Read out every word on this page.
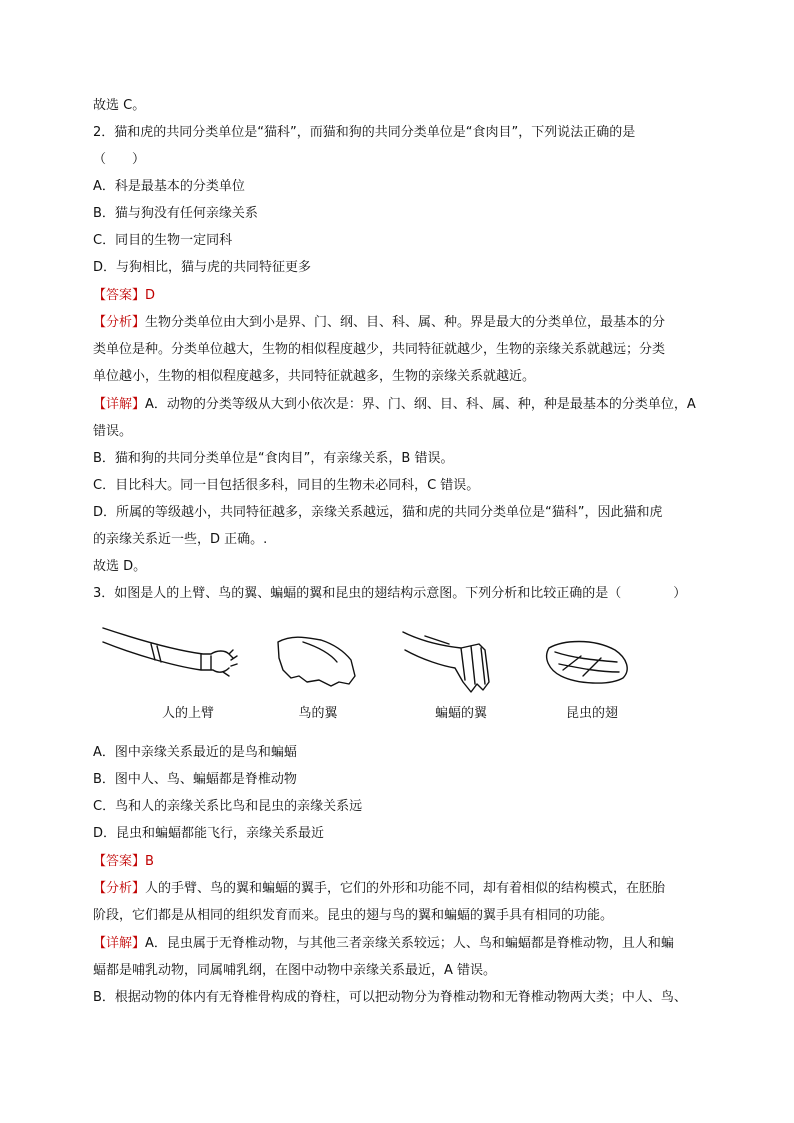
故选 C。
2．猫和虎的共同分类单位是“猫科”，而猫和狗的共同分类单位是“食肉目”，下列说法正确的是
（　　）
A．科是最基本的分类单位
B．猫与狗没有任何亲缘关系
C．同目的生物一定同科
D．与狗相比，猫与虎的共同特征更多
【答案】D
【分析】生物分类单位由大到小是界、门、纲、目、科、属、种。界是最大的分类单位，最基本的分
类单位是种。分类单位越大，生物的相似程度越少，共同特征就越少，生物的亲缘关系就越远；分类
单位越小，生物的相似程度越多，共同特征就越多，生物的亲缘关系就越近。
【详解】A．动物的分类等级从大到小依次是：界、门、纲、目、科、属、种，种是最基本的分类单位，A
错误。
B．猫和狗的共同分类单位是“食肉目”，有亲缘关系，B 错误。
C．目比科大。同一目包括很多科，同目的生物未必同科，C 错误。
D．所属的等级越小，共同特征越多，亲缘关系越远，猫和虎的共同分类单位是“猫科”，因此猫和虎
的亲缘关系近一些，D 正确。.
故选 D。
3．如图是人的上臂、鸟的翼、蝙蝠的翼和昆虫的翅结构示意图。下列分析和比较正确的是（　　　　）
人的上臂	鸟的翼	蝙蝠的翼	昆虫的翅
A．图中亲缘关系最近的是鸟和蝙蝠
B．图中人、鸟、蝙蝠都是脊椎动物
C．鸟和人的亲缘关系比鸟和昆虫的亲缘关系远
D．昆虫和蝙蝠都能飞行，亲缘关系最近
【答案】B
【分析】人的手臂、鸟的翼和蝙蝠的翼手，它们的外形和功能不同，却有着相似的结构模式，在胚胎
阶段，它们都是从相同的组织发育而来。昆虫的翅与鸟的翼和蝙蝠的翼手具有相同的功能。
【详解】A．昆虫属于无脊椎动物，与其他三者亲缘关系较远；人、鸟和蝙蝠都是脊椎动物，且人和蝙
蝠都是哺乳动物，同属哺乳纲，在图中动物中亲缘关系最近，A 错误。
B．根据动物的体内有无脊椎骨构成的脊柱，可以把动物分为脊椎动物和无脊椎动物两大类；中人、鸟、
